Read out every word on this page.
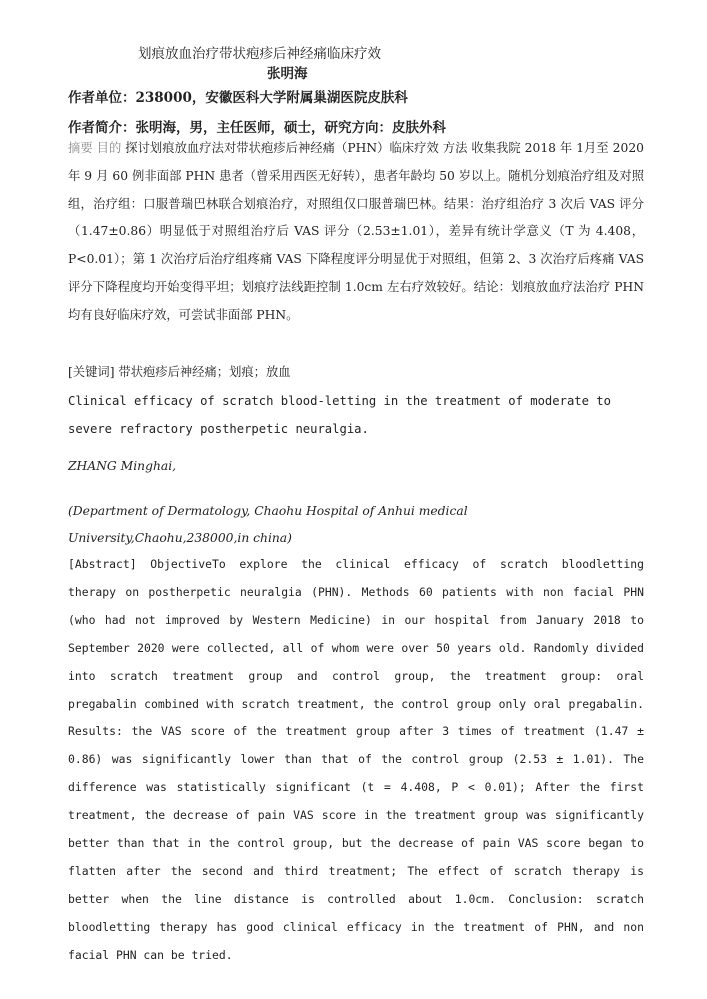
划痕放血治疗带状疱疹后神经痛临床疗效
张明海
作者单位：238000，安徽医科大学附属巢湖医院皮肤科
作者简介：张明海，男，主任医师，硕士，研究方向：皮肤外科
摘要 目的 探讨划痕放血疗法对带状疱疹后神经痛（PHN）临床疗效 方法 收集我院 2018 年 1月至 2020 年 9 月 60 例非面部 PHN 患者（曾采用西医无好转），患者年龄均 50 岁以上。随机分划痕治疗组及对照组，治疗组：口服普瑞巴林联合划痕治疗，对照组仅口服普瑞巴林。结果：治疗组治疗 3 次后 VAS 评分（1.47±0.86）明显低于对照组治疗后 VAS 评分（2.53±1.01），差异有统计学意义（T 为 4.408，P<0.01）；第 1 次治疗后治疗组疼痛 VAS 下降程度评分明显优于对照组，但第 2、3 次治疗后疼痛 VAS 评分下降程度均开始变得平坦；划痕疗法线距控制 1.0cm 左右疗效较好。结论：划痕放血疗法治疗 PHN 均有良好临床疗效，可尝试非面部 PHN。
[关键词] 带状疱疹后神经痛；划痕；放血
Clinical efficacy of scratch blood-letting in the treatment of moderate to severe refractory postherpetic neuralgia.
ZHANG Minghai,
(Department of Dermatology, Chaohu Hospital of Anhui medical University,Chaohu,238000,in china)
[Abstract] ObjectiveTo explore the clinical efficacy of scratch bloodletting therapy on postherpetic neuralgia (PHN). Methods 60 patients with non facial PHN (who had not improved by Western Medicine) in our hospital from January 2018 to September 2020 were collected, all of whom were over 50 years old. Randomly divided into scratch treatment group and control group, the treatment group: oral pregabalin combined with scratch treatment, the control group only oral pregabalin. Results: the VAS score of the treatment group after 3 times of treatment (1.47 ± 0.86) was significantly lower than that of the control group (2.53 ± 1.01). The difference was statistically significant (t = 4.408, P < 0.01); After the first treatment, the decrease of pain VAS score in the treatment group was significantly better than that in the control group, but the decrease of pain VAS score began to flatten after the second and third treatment; The effect of scratch therapy is better when the line distance is controlled about 1.0cm. Conclusion: scratch bloodletting therapy has good clinical efficacy in the treatment of PHN, and non facial PHN can be tried.
